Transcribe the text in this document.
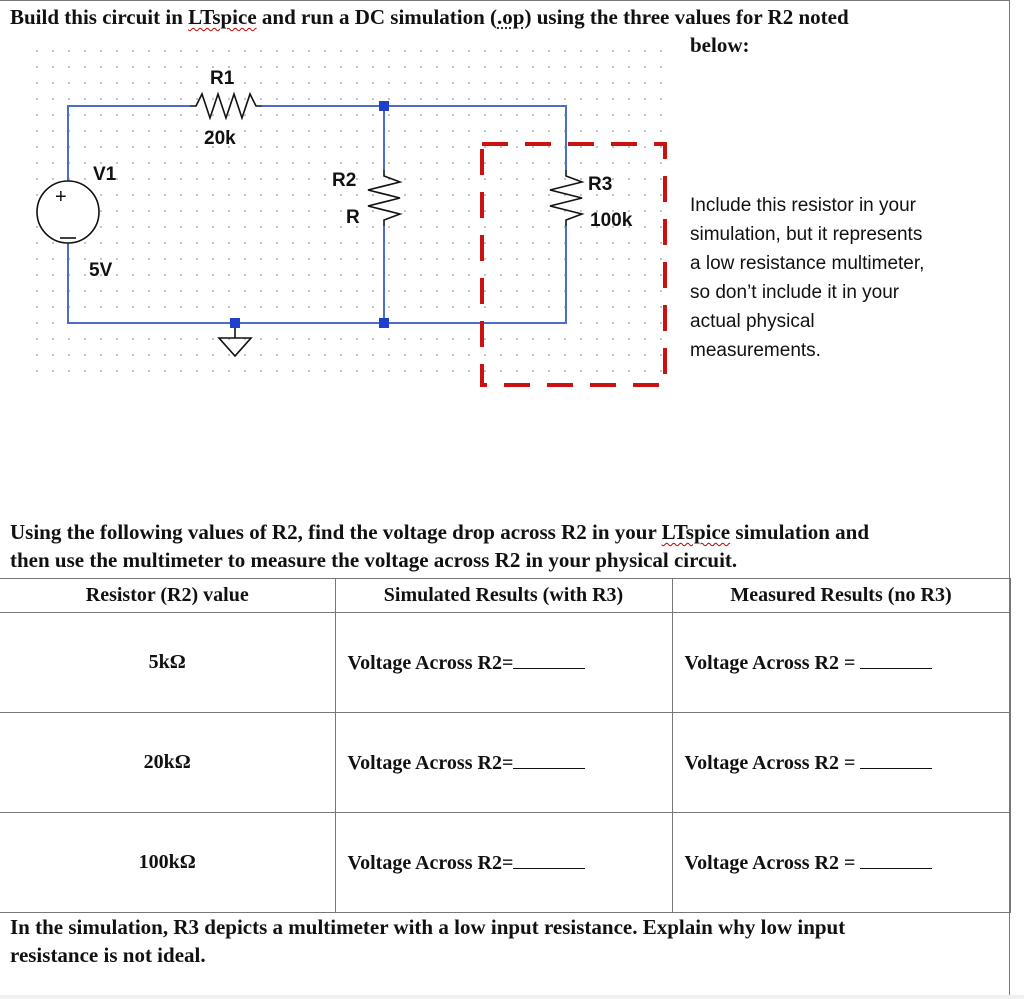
Build this circuit in LTspice and run a DC simulation (.op) using the three values for R2 noted
below:
+
R1
20k
V1
5V
R2
R
R3
100k
Include this resistor in your
simulation, but it represents
a low resistance multimeter,
so don’t include it in your
actual physical
measurements.
Using the following values of R2, find the voltage drop across R2 in your LTspice simulation and
then use the multimeter to measure the voltage across R2 in your physical circuit.
Resistor (R2) value	Simulated Results (with R3)	Measured Results (no R3)
5kΩ	Voltage Across R2=	Voltage Across R2 =
20kΩ	Voltage Across R2=	Voltage Across R2 =
100kΩ	Voltage Across R2=	Voltage Across R2 =
In the simulation, R3 depicts a multimeter with a low input resistance. Explain why low input
resistance is not ideal.
